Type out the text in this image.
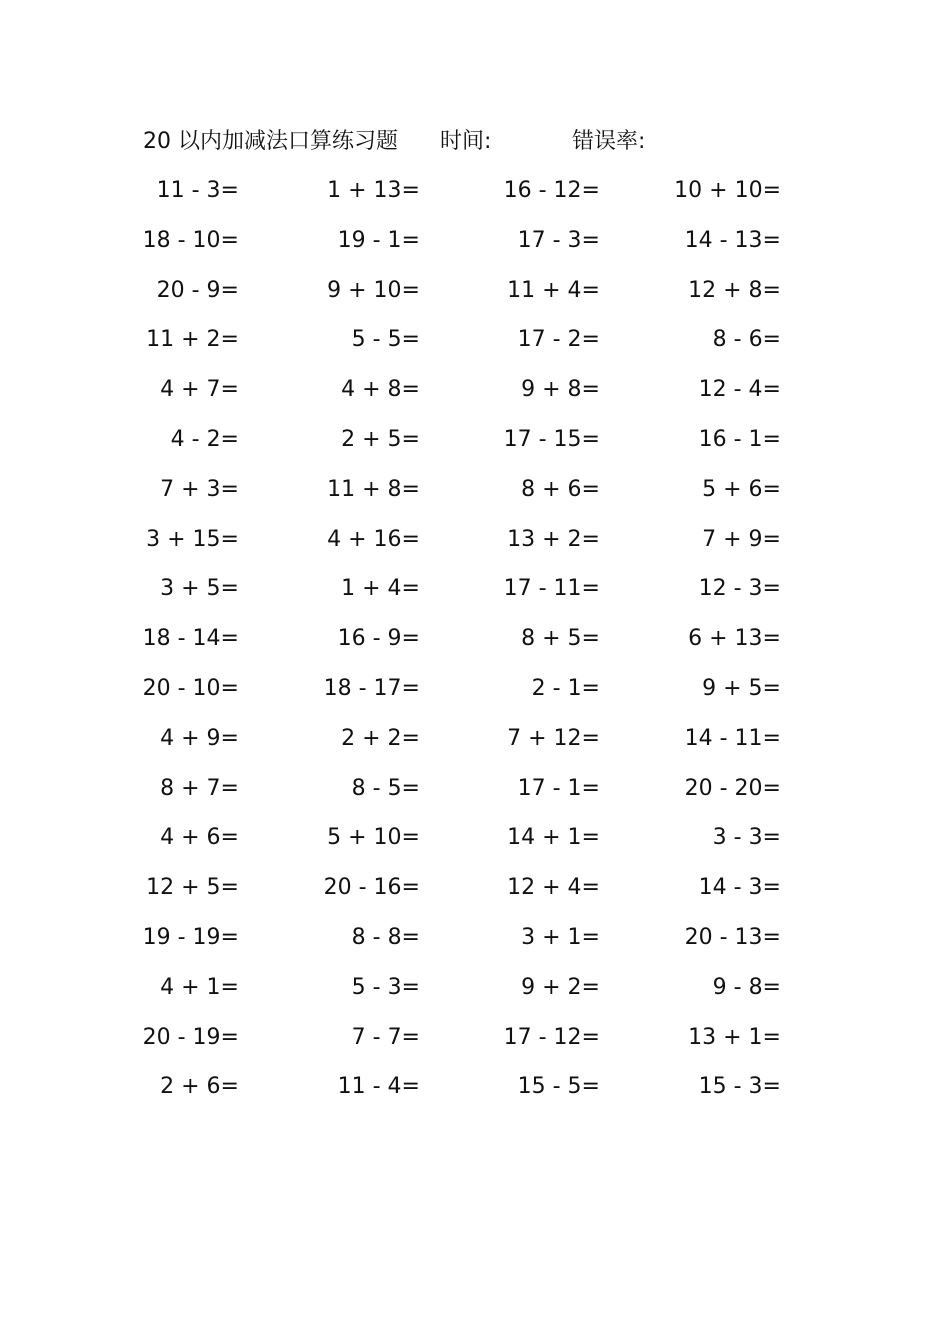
20 以内加减法口算练习题 时间:	错误率:
11 - 3=	1 + 13=	16 - 12=	10 + 10=
18 - 10=	19 - 1=	17 - 3=	14 - 13=
20 - 9=	9 + 10=	11 + 4=	12 + 8=
11 + 2=	5 - 5=	17 - 2=	8 - 6=
4 + 7=	4 + 8=	9 + 8=	12 - 4=
4 - 2=	2 + 5=	17 - 15=	16 - 1=
7 + 3=	11 + 8=	8 + 6=	5 + 6=
3 + 15=	4 + 16=	13 + 2=	7 + 9=
3 + 5=	1 + 4=	17 - 11=	12 - 3=
18 - 14=	16 - 9=	8 + 5=	6 + 13=
20 - 10=	18 - 17=	2 - 1=	9 + 5=
4 + 9=	2 + 2=	7 + 12=	14 - 11=
8 + 7=	8 - 5=	17 - 1=	20 - 20=
4 + 6=	5 + 10=	14 + 1=	3 - 3=
12 + 5=	20 - 16=	12 + 4=	14 - 3=
19 - 19=	8 - 8=	3 + 1=	20 - 13=
4 + 1=	5 - 3=	9 + 2=	9 - 8=
20 - 19=	7 - 7=	17 - 12=	13 + 1=
2 + 6=	11 - 4=	15 - 5=	15 - 3=
